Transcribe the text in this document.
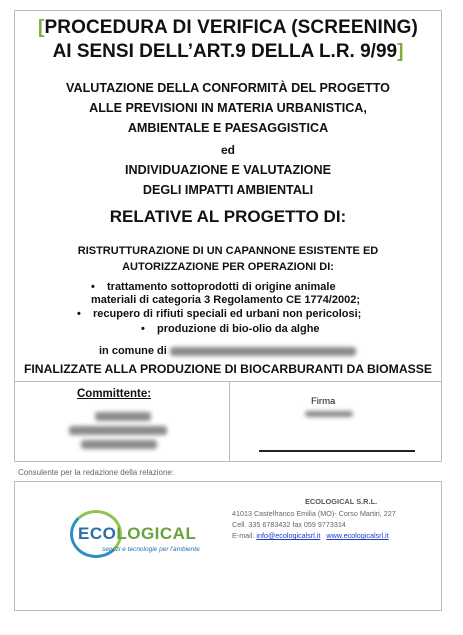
[PROCEDURA DI VERIFICA (SCREENING)
AI SENSI DELL’ART.9 DELLA L.R. 9/99]
VALUTAZIONE DELLA CONFORMITÀ DEL PROGETTO
ALLE PREVISIONI IN MATERIA URBANISTICA,
AMBIENTALE E PAESAGGISTICA
ed
INDIVIDUAZIONE E VALUTAZIONE
DEGLI IMPATTI AMBIENTALI
RELATIVE AL PROGETTO DI:
RISTRUTTURAZIONE DI UN CAPANNONE ESISTENTE ED
AUTORIZZAZIONE PER OPERAZIONI DI:
• trattamento sottoprodotti di origine animale
materiali di categoria 3 Regolamento CE 1774/2002;
• recupero di rifiuti speciali ed urbani non pericolosi;
• produzione di bio-olio da alghe
in comune di
FINALIZZATE ALLA PRODUZIONE DI BIOCARBURANTI DA BIOMASSE
Committente:
Firma
Consulente per la redazione della relazione:
ECOLOGICAL
servizi e tecnologie per l'ambiente
ECOLOGICAL S.R.L.
41013 Castelfranco Emilia (MO)- Corso Martiri, 227
Cell. 335 6783432 fax 059 9773314
E-mail: info@ecologicalsrl.it www.ecologicalsrl.it
